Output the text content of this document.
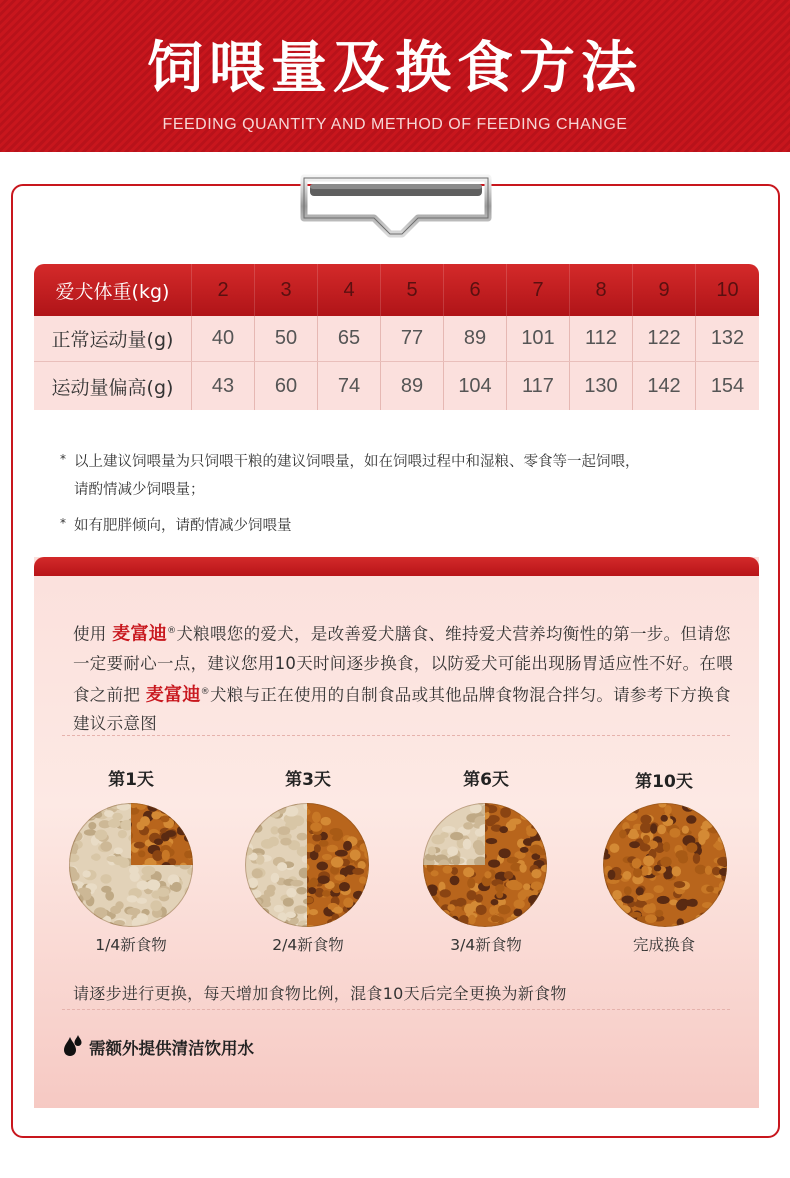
饲喂量及换食方法
FEEDING QUANTITY AND METHOD OF FEEDING CHANGE
爱犬体重(kg)	2	3	4	5	6	7	8	9	10
正常运动量(g)	40	50	65	77	89	101	112	122	132
运动量偏高(g)	43	60	74	89	104	117	130	142	154
* 以上建议饲喂量为只饲喂干粮的建议饲喂量，如在饲喂过程中和湿粮、零食等一起饲喂，
请酌情减少饲喂量；
* 如有肥胖倾向，请酌情减少饲喂量
使用 麦富迪®犬粮喂您的爱犬，是改善爱犬膳食、维持爱犬营养均衡性的第一步。但请您一定要耐心一点，建议您用10天时间逐步换食，以防爱犬可能出现肠胃适应性不好。在喂食之前把 麦富迪®犬粮与正在使用的自制食品或其他品牌食物混合拌匀。请参考下方换食建议示意图
第1天	第3天	第6天	第10天
1/4新食物	2/4新食物	3/4新食物	完成换食
请逐步进行更换，每天增加食物比例，混食10天后完全更换为新食物
需额外提供清洁饮用水
